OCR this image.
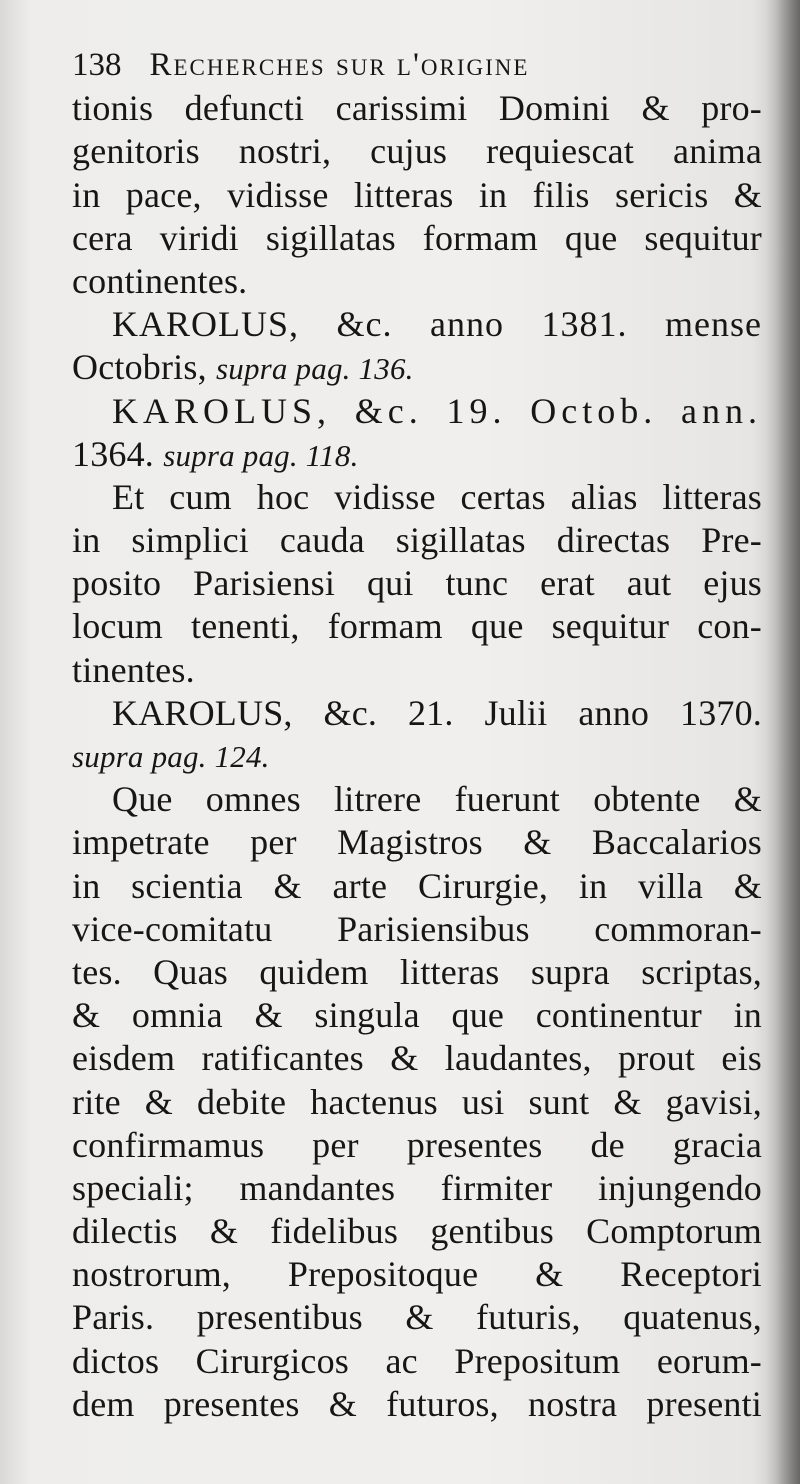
138 Recherches sur l'origine
tionis defuncti carissimi Domini & pro-
genitoris nostri, cujus requiescat anima
in pace, vidisse litteras in filis sericis &
cera viridi sigillatas formam que sequitur
continentes.
KAROLUS, &c. anno 1381. mense
Octobris, supra pag. 136.
KAROLUS, &c. 19. Octob. ann.
1364. supra pag. 118.
Et cum hoc vidisse certas alias litteras
in simplici cauda sigillatas directas Pre-
posito Parisiensi qui tunc erat aut ejus
locum tenenti, formam que sequitur con-
tinentes.
KAROLUS, &c. 21. Julii anno 1370.
supra pag. 124.
Que omnes litrere fuerunt obtente &
impetrate per Magistros & Baccalarios
in scientia & arte Cirurgie, in villa &
vice-comitatu Parisiensibus commoran-
tes. Quas quidem litteras supra scriptas,
& omnia & singula que continentur in
eisdem ratificantes & laudantes, prout eis
rite & debite hactenus usi sunt & gavisi,
confirmamus per presentes de gracia
speciali; mandantes firmiter injungendo
dilectis & fidelibus gentibus Comptorum
nostrorum, Prepositoque & Receptori
Paris. presentibus & futuris, quatenus,
dictos Cirurgicos ac Prepositum eorum-
dem presentes & futuros, nostra presenti
